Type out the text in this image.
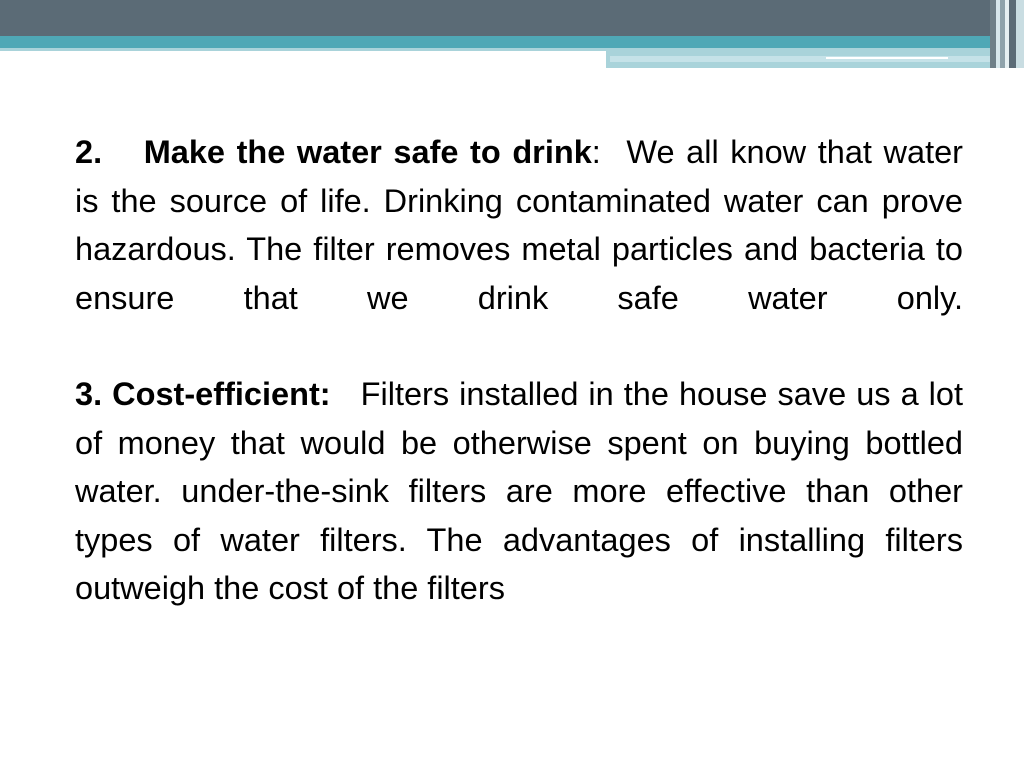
2. Make the water safe to drink: We all know that water is the source of life. Drinking contaminated water can prove hazardous. The filter removes metal particles and bacteria to ensure that we drink safe water only.

3. Cost-efficient: Filters installed in the house save us a lot of money that would be otherwise spent on buying bottled water. under-the-sink filters are more effective than other types of water filters. The advantages of installing filters outweigh the cost of the filters
